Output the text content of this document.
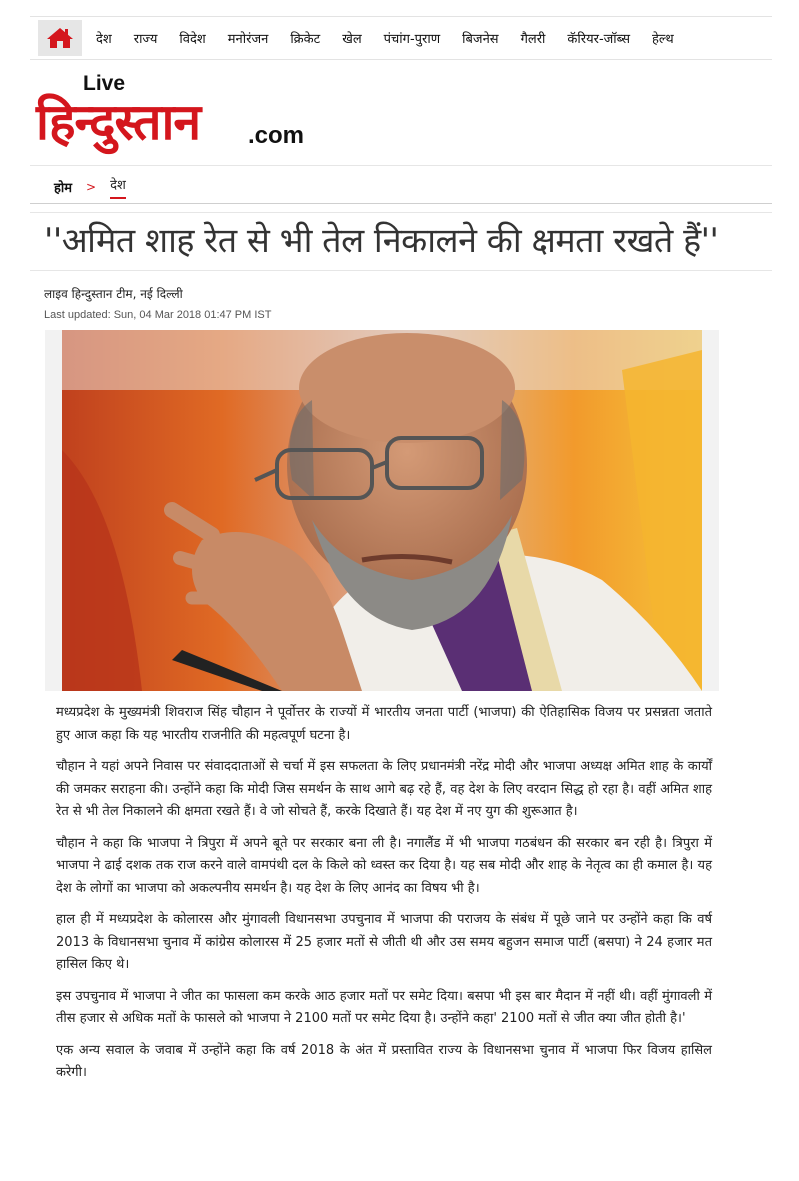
देश राज्य विदेश मनोरंजन क्रिकेट खेल पंचांग-पुराण बिजनेस गैलरी कॅरियर-जॉब्स हेल्थ
Live
हिन्दुस्तान .com
होम > देश
''अमित शाह रेत से भी तेल निकालने की क्षमता रखते हैं''
लाइव हिन्दुस्तान टीम, नई दिल्ली
Last updated: Sun, 04 Mar 2018 01:47 PM IST

मध्यप्रदेश के मुख्यमंत्री शिवराज सिंह चौहान ने पूर्वोत्तर के राज्यों में भारतीय जनता पार्टी (भाजपा) की ऐतिहासिक विजय पर प्रसन्नता जताते हुए आज कहा कि यह भारतीय राजनीति की महत्वपूर्ण घटना है।

चौहान ने यहां अपने निवास पर संवाददाताओं से चर्चा में इस सफलता के लिए प्रधानमंत्री नरेंद्र मोदी और भाजपा अध्यक्ष अमित शाह के कार्यों की जमकर सराहना की। उन्होंने कहा कि मोदी जिस समर्थन के साथ आगे बढ़ रहे हैं, वह देश के लिए वरदान सिद्ध हो रहा है। वहीं अमित शाह रेत से भी तेल निकालने की क्षमता रखते हैं। वे जो सोचते हैं, करके दिखाते हैं। यह देश में नए युग की शुरूआत है।

चौहान ने कहा कि भाजपा ने त्रिपुरा में अपने बूते पर सरकार बना ली है। नगालैंड में भी भाजपा गठबंधन की सरकार बन रही है। त्रिपुरा में भाजपा ने ढाई दशक तक राज करने वाले वामपंथी दल के किले को ध्वस्त कर दिया है। यह सब मोदी और शाह के नेतृत्व का ही कमाल है। यह देश के लोगों का भाजपा को अकल्पनीय समर्थन है। यह देश के लिए आनंद का विषय भी है।

हाल ही में मध्यप्रदेश के कोलारस और मुंगावली विधानसभा उपचुनाव में भाजपा की पराजय के संबंध में पूछे जाने पर उन्होंने कहा कि वर्ष 2013 के विधानसभा चुनाव में कांग्रेस कोलारस में 25 हजार मतों से जीती थी और उस समय बहुजन समाज पार्टी (बसपा) ने 24 हजार मत हासिल किए थे।

इस उपचुनाव में भाजपा ने जीत का फासला कम करके आठ हजार मतों पर समेट दिया। बसपा भी इस बार मैदान में नहीं थी। वहीं मुंगावली में तीस हजार से अधिक मतों के फासले को भाजपा ने 2100 मतों पर समेट दिया है। उन्होंने कहा' 2100 मतों से जीत क्या जीत होती है।'

एक अन्य सवाल के जवाब में उन्होंने कहा कि वर्ष 2018 के अंत में प्रस्तावित राज्य के विधानसभा चुनाव में भाजपा फिर विजय हासिल करेगी।
